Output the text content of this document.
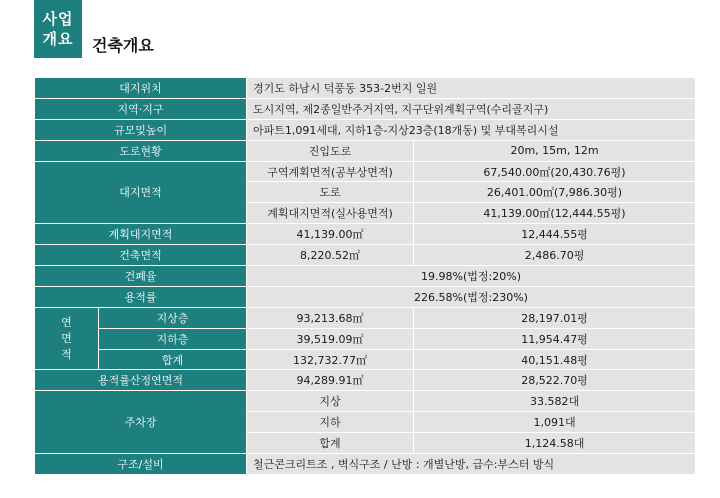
사업
개요 건축개요
대지위치		경기도 하남시 덕풍동 353-2번지 일원	
지역·지구		도시지역, 제2종일반주거지역, 지구단위계획구역(수리골지구)	
규모및높이		아파트1,091세대, 지하1층-지상23층(18개동) 및 부대복리시설	
도로현황		진입도로	20m, 15m, 12m
대지면적		구역계획면적(공부상면적)	67,540.00㎡(20,430.76평)
		도로	26,401.00㎡(7,986.30평)
		계획대지면적(실사용면적)	41,139.00㎡(12,444.55평)
계획대지면적		41,139.00㎡	12,444.55평
건축면적		8,220.52㎡	2,486.70평
건폐율		19.98%(법정:20%)	
용적률		226.58%(법정:230%)	

연
면
적	지상층	93,213.68㎡	28,197.01평
	지하층	39,519.09㎡	11,954.47평
	합계	132,732.77㎡	40,151.48평
용적률산정연면적		94,289.91㎡	28,522.70평
주차장		지상	33.582대
		지하	1,091대
		합계	1,124.58대
구조/설비		철근콘크리트조 , 벽식구조 / 난방 : 개별난방, 급수:부스터 방식	
